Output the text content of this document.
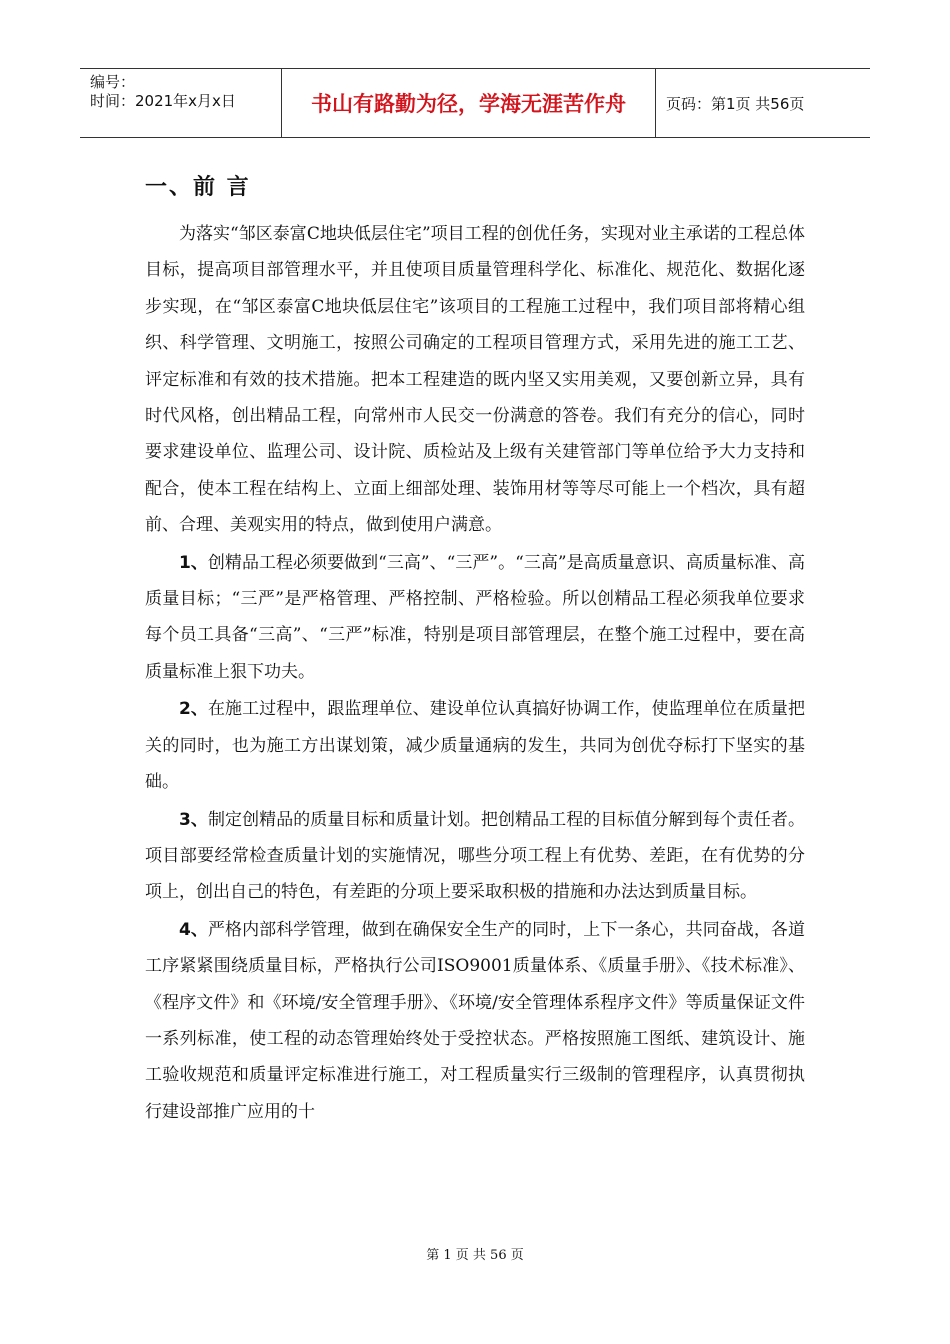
编号：
时间：2021年x月x日	书山有路勤为径，学海无涯苦作舟	页码：第1页 共56页
一、前 言

为落实“邹区泰富C地块低层住宅”项目工程的创优任务，实现对业主承诺的工程总体目标，提高项目部管理水平，并且使项目质量管理科学化、标准化、规范化、数据化逐步实现，在“邹区泰富C地块低层住宅”该项目的工程施工过程中，我们项目部将精心组织、科学管理、文明施工，按照公司确定的工程项目管理方式，采用先进的施工工艺、评定标准和有效的技术措施。把本工程建造的既内坚又实用美观，又要创新立异，具有时代风格，创出精品工程，向常州市人民交一份满意的答卷。我们有充分的信心，同时要求建设单位、监理公司、设计院、质检站及上级有关建管部门等单位给予大力支持和配合，使本工程在结构上、立面上细部处理、装饰用材等等尽可能上一个档次，具有超前、合理、美观实用的特点，做到使用户满意。

1、创精品工程必须要做到“三高”、“三严”。“三高”是高质量意识、高质量标准、高质量目标；“三严”是严格管理、严格控制、严格检验。所以创精品工程必须我单位要求每个员工具备“三高”、“三严”标准，特别是项目部管理层，在整个施工过程中，要在高质量标准上狠下功夫。

2、在施工过程中，跟监理单位、建设单位认真搞好协调工作，使监理单位在质量把关的同时，也为施工方出谋划策，减少质量通病的发生，共同为创优夺标打下坚实的基础。

3、制定创精品的质量目标和质量计划。把创精品工程的目标值分解到每个责任者。项目部要经常检查质量计划的实施情况，哪些分项工程上有优势、差距，在有优势的分项上，创出自己的特色，有差距的分项上要采取积极的措施和办法达到质量目标。

4、严格内部科学管理，做到在确保安全生产的同时，上下一条心，共同奋战，各道工序紧紧围绕质量目标，严格执行公司ISO9001质量体系、《质量手册》、《技术标准》、《程序文件》和《环境/安全管理手册》、《环境/安全管理体系程序文件》等质量保证文件一系列标准，使工程的动态管理始终处于受控状态。严格按照施工图纸、建筑设计、施工验收规范和质量评定标准进行施工，对工程质量实行三级制的管理程序，认真贯彻执行建设部推广应用的十

第 1 页 共 56 页
